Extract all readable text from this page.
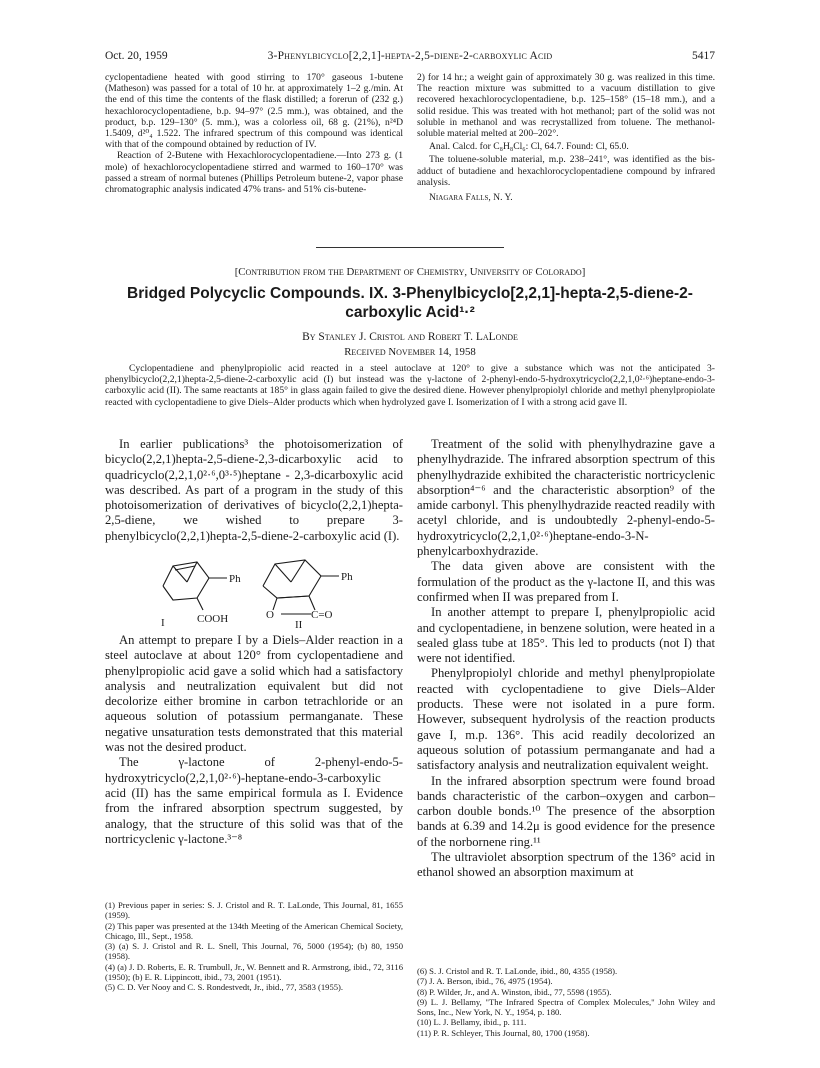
Oct. 20, 1959	3-Phenylbicyclo[2,2,1]-hepta-2,5-diene-2-carboxylic Acid	5417

cyclopentadiene heated with good stirring to 170° gaseous 1-butene (Matheson) was passed for a total of 10 hr. at approximately 1–2 g./min. At the end of this time the contents of the flask distilled; a forerun of (232 g.) hexachlorocyclopentadiene, b.p. 94–97° (2.5 mm.), was obtained, and the product, b.p. 129–130° (5. mm.), was a colorless oil, 68 g. (21%), n²⁴D 1.5409, d²⁰₄ 1.522. The infrared spectrum of this compound was identical with that of the compound obtained by reduction of IV.

Reaction of 2-Butene with Hexachlorocyclopentadiene.—Into 273 g. (1 mole) of hexachlorocyclopentadiene stirred and warmed to 160–170° was passed a stream of normal butenes (Phillips Petroleum butene-2, vapor phase chromatographic analysis indicated 47% trans- and 51% cis-butene-

2) for 14 hr.; a weight gain of approximately 30 g. was realized in this time. The reaction mixture was submitted to a vacuum distillation to give recovered hexachlorocyclopentadiene, b.p. 125–158° (15–18 mm.), and a solid residue. This was treated with hot methanol; part of the solid was not soluble in methanol and was recrystallized from toluene. The methanol-soluble material melted at 200–202°.

Anal. Calcd. for C₈H₈Cl₆: Cl, 64.7. Found: Cl, 65.0.

The toluene-soluble material, m.p. 238–241°, was identified as the bis-adduct of butadiene and hexachlorocyclopentadiene compound by infrared analysis.

Niagara Falls, N. Y.

[Contribution from the Department of Chemistry, University of Colorado]
Bridged Polycyclic Compounds. IX. 3-Phenylbicyclo[2,2,1]-hepta-2,5-diene-2-carboxylic Acid¹·²
By Stanley J. Cristol and Robert T. LaLonde
Received November 14, 1958
Cyclopentadiene and phenylpropiolic acid reacted in a steel autoclave at 120° to give a substance which was not the anticipated 3-phenylbicyclo(2,2,1)hepta-2,5-diene-2-carboxylic acid (I) but instead was the γ-lactone of 2-phenyl-endo-5-hydroxytricyclo(2,2,1,0²·⁶)heptane-endo-3-carboxylic acid (II). The same reactants at 185° in glass again failed to give the desired diene. However phenylpropiolyl chloride and methyl phenylpropiolate reacted with cyclopentadiene to give Diels–Alder products which when hydrolyzed gave I. Isomerization of I with a strong acid gave II.

In earlier publications³ the photoisomerization of bicyclo(2,2,1)hepta-2,5-diene-2,3-dicarboxylic acid to quadricyclo(2,2,1,0²·⁶,0³·⁵)heptane - 2,3-dicarboxylic acid was described. As part of a program in the study of this photoisomerization of derivatives of bicyclo(2,2,1)hepta-2,5-diene, we wished to prepare 3-phenylbicyclo(2,2,1)hepta-2,5-diene-2-carboxylic acid (I).

Ph
COOH
I
Ph
O	C=O
II

An attempt to prepare I by a Diels–Alder reaction in a steel autoclave at about 120° from cyclopentadiene and phenylpropiolic acid gave a solid which had a satisfactory analysis and neutralization equivalent but did not decolorize either bromine in carbon tetrachloride or an aqueous solution of potassium permanganate. These negative unsaturation tests demonstrated that this material was not the desired product.

The γ-lactone of 2-phenyl-endo-5-hydroxytricyclo(2,2,1,0²·⁶)-heptane-endo-3-carboxylic acid (II) has the same empirical formula as I. Evidence from the infrared absorption spectrum suggested, by analogy, that the structure of this solid was that of the nortricyclenic γ-lactone.³⁻⁸

Treatment of the solid with phenylhydrazine gave a phenylhydrazide. The infrared absorption spectrum of this phenylhydrazide exhibited the characteristic nortricyclenic absorption⁴⁻⁶ and the characteristic absorption⁹ of the amide carbonyl. This phenylhydrazide reacted readily with acetyl chloride, and is undoubtedly 2-phenyl-endo-5-hydroxytricyclo(2,2,1,0²·⁶)heptane-endo-3-N-phenylcarboxhydrazide.

The data given above are consistent with the formulation of the product as the γ-lactone II, and this was confirmed when II was prepared from I.

In another attempt to prepare I, phenylpropiolic acid and cyclopentadiene, in benzene solution, were heated in a sealed glass tube at 185°. This led to products (not I) that were not identified.

Phenylpropiolyl chloride and methyl phenylpropiolate reacted with cyclopentadiene to give Diels–Alder products. These were not isolated in a pure form. However, subsequent hydrolysis of the reaction products gave I, m.p. 136°. This acid readily decolorized an aqueous solution of potassium permanganate and had a satisfactory analysis and neutralization equivalent weight.

In the infrared absorption spectrum were found broad bands characteristic of the carbon–oxygen and carbon–carbon double bonds.¹⁰ The presence of the absorption bands at 6.39 and 14.2μ is good evidence for the presence of the norbornene ring.¹¹

The ultraviolet absorption spectrum of the 136° acid in ethanol showed an absorption maximum at

(1) Previous paper in series: S. J. Cristol and R. T. LaLonde, This Journal, 81, 1655 (1959).

(2) This paper was presented at the 134th Meeting of the American Chemical Society, Chicago, Ill., Sept., 1958.

(3) (a) S. J. Cristol and R. L. Snell, This Journal, 76, 5000 (1954); (b) 80, 1950 (1958).

(4) (a) J. D. Roberts, E. R. Trumbull, Jr., W. Bennett and R. Armstrong, ibid., 72, 3116 (1950); (b) E. R. Lippincott, ibid., 73, 2001 (1951).

(5) C. D. Ver Nooy and C. S. Rondestvedt, Jr., ibid., 77, 3583 (1955).

(6) S. J. Cristol and R. T. LaLonde, ibid., 80, 4355 (1958).

(7) J. A. Berson, ibid., 76, 4975 (1954).

(8) P. Wilder, Jr., and A. Winston, ibid., 77, 5598 (1955).

(9) L. J. Bellamy, "The Infrared Spectra of Complex Molecules," John Wiley and Sons, Inc., New York, N. Y., 1954, p. 180.

(10) L. J. Bellamy, ibid., p. 111.

(11) P. R. Schleyer, This Journal, 80, 1700 (1958).
